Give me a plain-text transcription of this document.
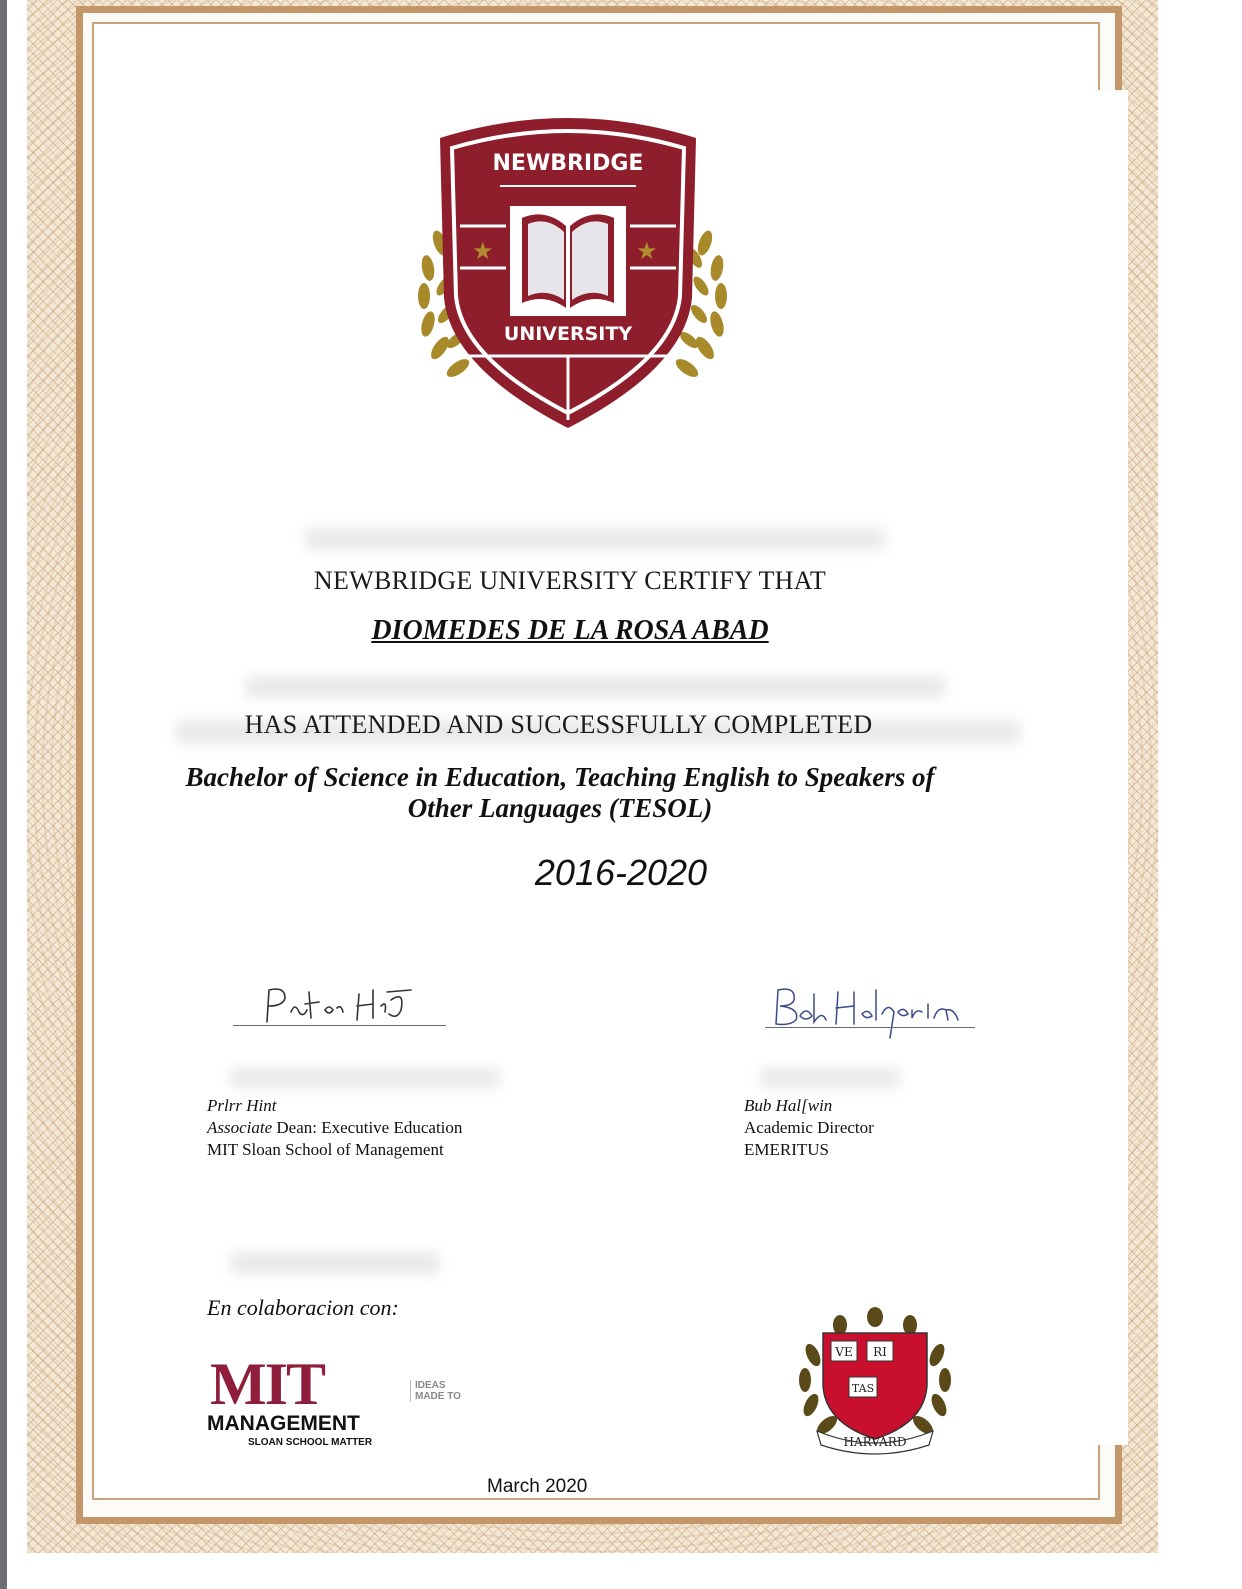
★	★
NEWBRIDGE
UNIVERSITY
NEWBRIDGE UNIVERSITY CERTIFY THAT
DIOMEDES DE LA ROSA ABAD
HAS ATTENDED AND SUCCESSFULLY COMPLETED
Bachelor of Science in Education, Teaching English to Speakers of
Other Languages (TESOL)
2016-2020
Prlrr Hint
Associate Dean: Executive Education
MIT Sloan School of Management
Bub Hal[win
Academic Director
EMERITUS
En colaboracion con:
MIT
MANAGEMENT
SLOAN SCHOOL MATTER
IDEAS
MADE TO
VE RI
TAS
HARVARD
March 2020
